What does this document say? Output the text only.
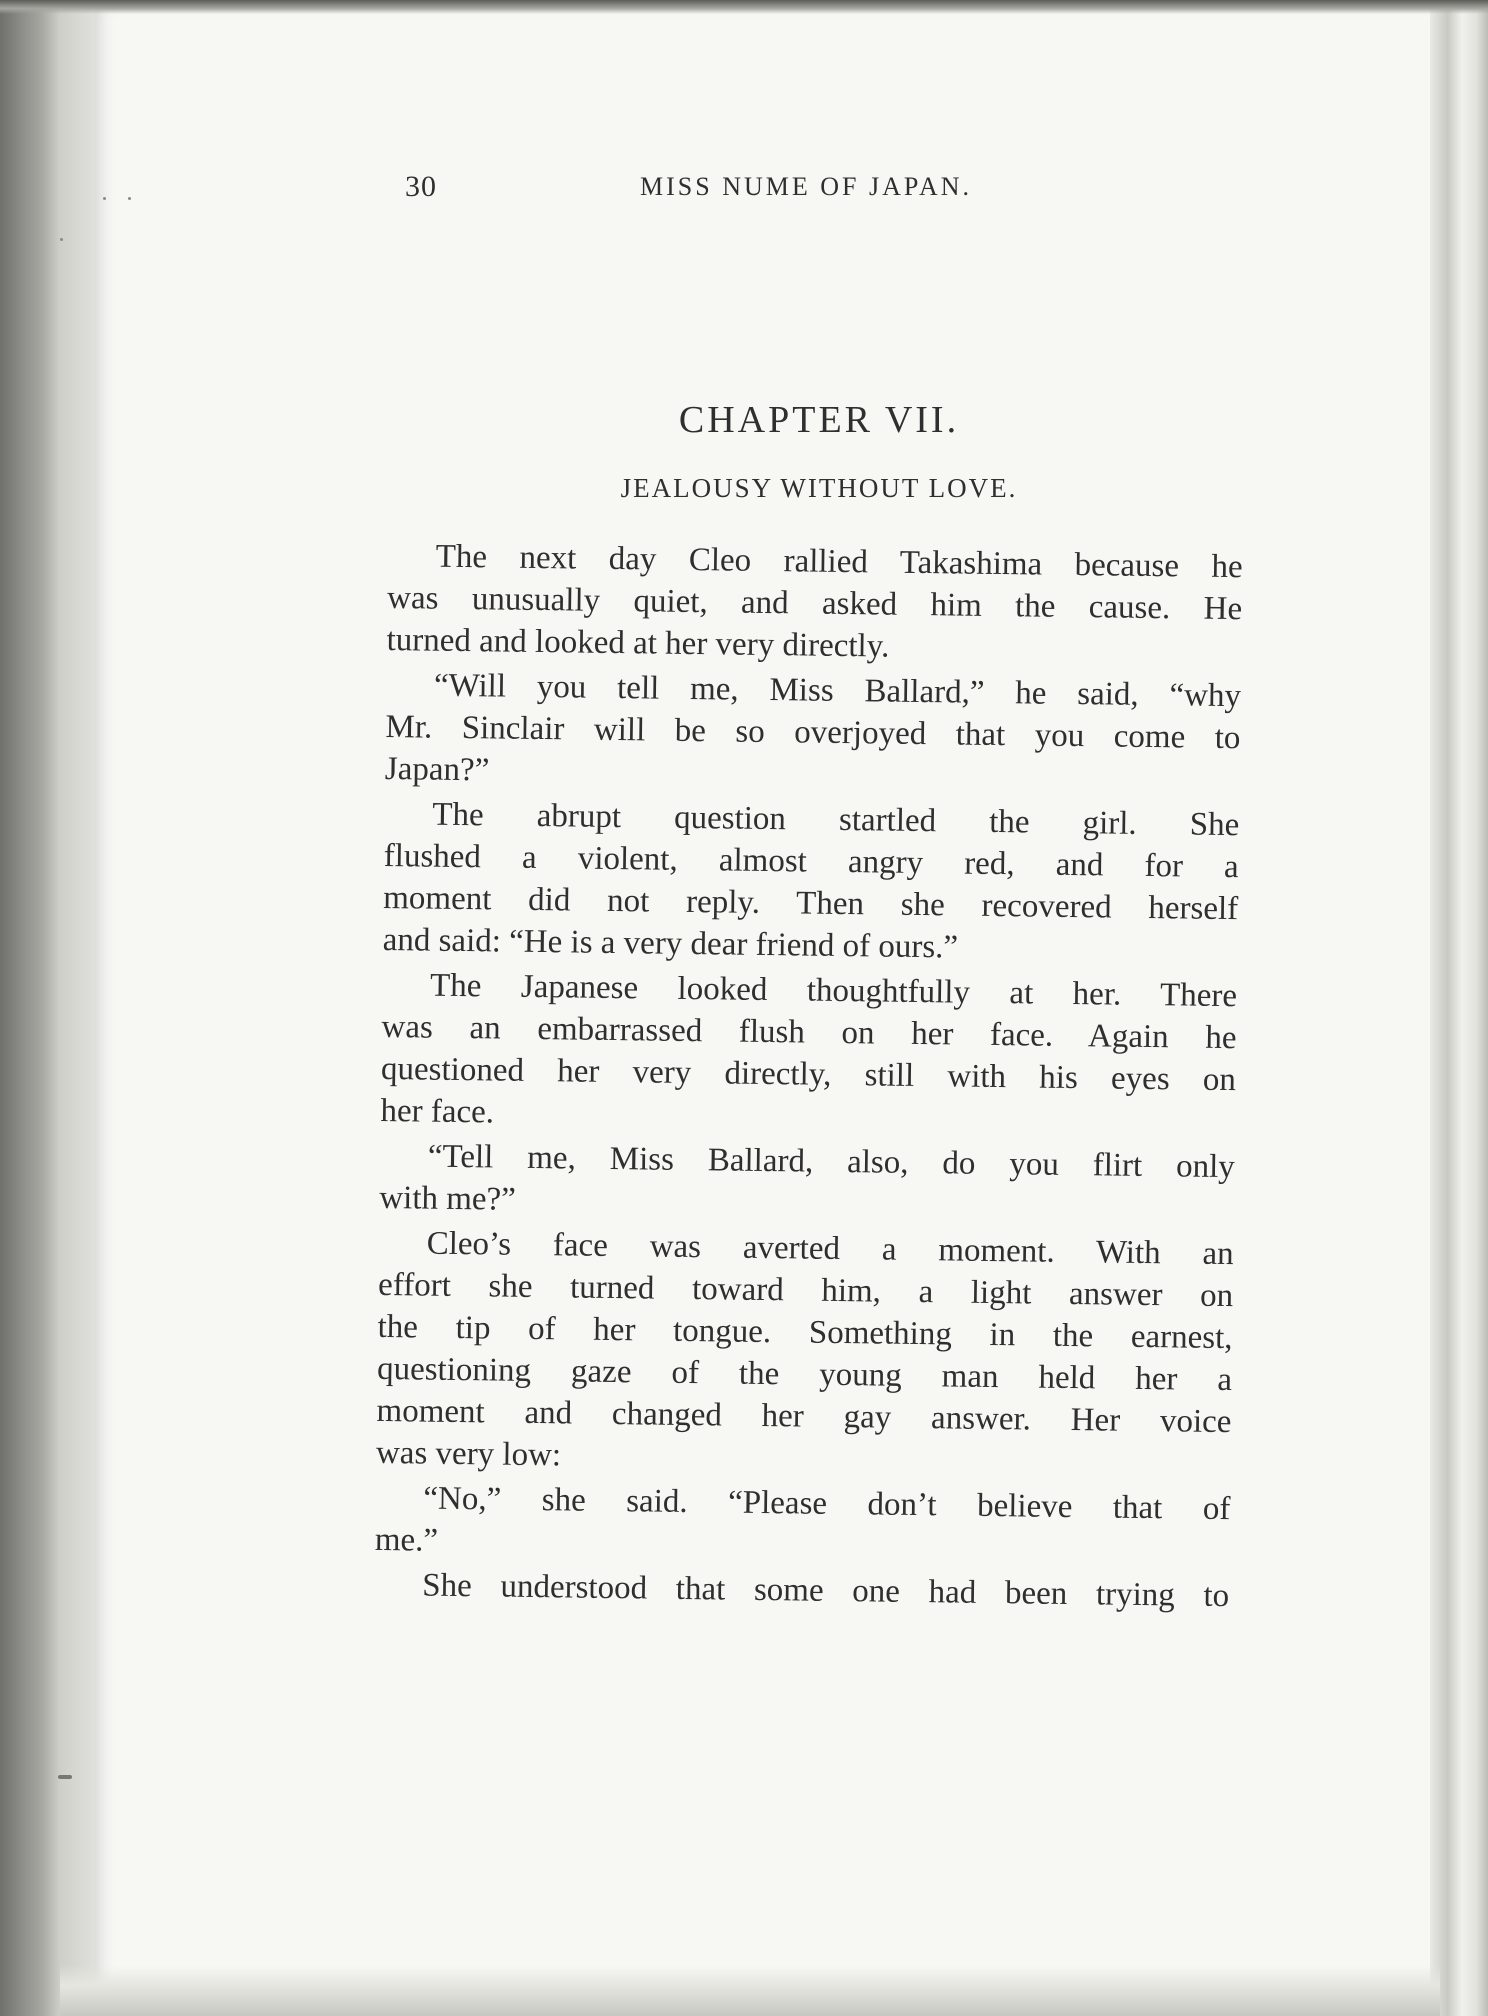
30	MISS NUME OF JAPAN.
CHAPTER VII.
JEALOUSY WITHOUT LOVE.
The next day Cleo rallied Takashima because he
was unusually quiet, and asked him the cause. He
turned and looked at her very directly.
“Will you tell me, Miss Ballard,” he said, “why
Mr. Sinclair will be so overjoyed that you come to
Japan?”
The abrupt question startled the girl. She
flushed a violent, almost angry red, and for a
moment did not reply. Then she recovered herself
and said: “He is a very dear friend of ours.”
The Japanese looked thoughtfully at her. There
was an embarrassed flush on her face. Again he
questioned her very directly, still with his eyes on
her face.
“Tell me, Miss Ballard, also, do you flirt only
with me?”
Cleo’s face was averted a moment. With an
effort she turned toward him, a light answer on
the tip of her tongue. Something in the earnest,
questioning gaze of the young man held her a
moment and changed her gay answer. Her voice
was very low:
“No,” she said. “Please don’t believe that of
me.”
She understood that some one had been trying to
